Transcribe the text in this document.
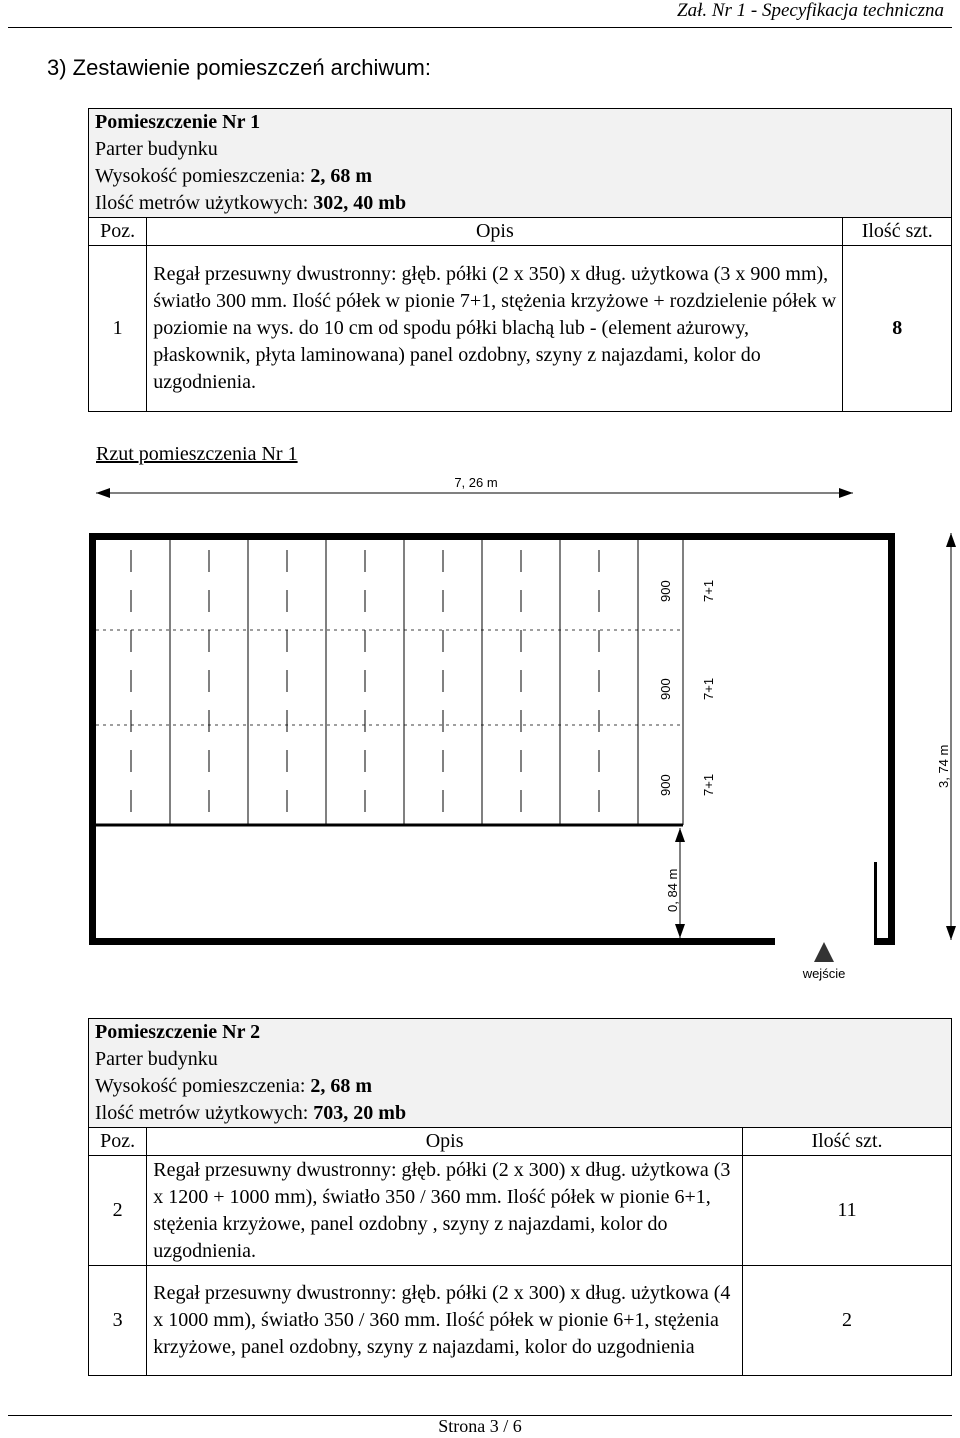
Zał. Nr 1 - Specyfikacja techniczna
3) Zestawienie pomieszczeń archiwum:
Pomieszczenie Nr 1
Parter budynku
Wysokość pomieszczenia: 2, 68 m
Ilość metrów użytkowych: 302, 40 mb		

Poz.	Opis	Ilość szt.
1	Regał przesuwny dwustronny: głęb. półki (2 x 350) x dług. użytkowa (3 x 900 mm), światło 300 mm. Ilość półek w pionie 7+1, stężenia krzyżowe + rozdzielenie półek w poziomie na wys. do 10 cm od spodu półki blachą lub - (element ażurowy, płaskownik, płyta laminowana) panel ozdobny, szyny z najazdami, kolor do uzgodnienia.	8
Rzut pomieszczenia Nr 1
7, 26 m
900 7+1
900 7+1
900 7+1	3, 74 m
0, 84 m
wejście
Pomieszczenie Nr 2
Parter budynku
Wysokość pomieszczenia: 2, 68 m
Ilość metrów użytkowych: 703, 20 mb		

Poz.	Opis	Ilość szt.
2	Regał przesuwny dwustronny: głęb. półki (2 x 300) x dług. użytkowa (3 x 1200 + 1000 mm), światło 350 / 360 mm. Ilość półek w pionie 6+1, stężenia krzyżowe, panel ozdobny , szyny z najazdami, kolor do uzgodnienia.	11
3	Regał przesuwny dwustronny: głęb. półki (2 x 300) x dług. użytkowa (4 x 1000 mm), światło 350 / 360 mm. Ilość półek w pionie 6+1, stężenia krzyżowe, panel ozdobny, szyny z najazdami, kolor do uzgodnienia	2
Strona 3 / 6
